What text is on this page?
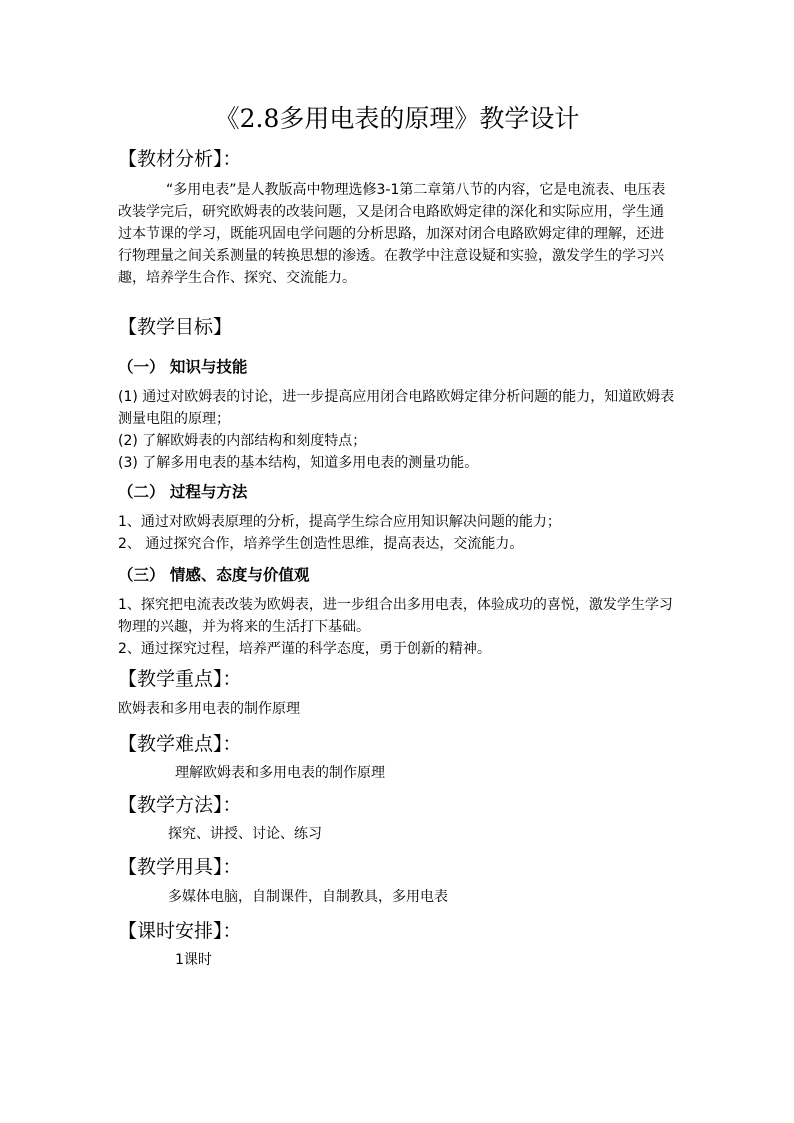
《2.8多用电表的原理》教学设计
【教材分析】：
“多用电表”是人教版高中物理选修3-1第二章第八节的内容，它是电流表、电压表改装学完后，研究欧姆表的改装问题，又是闭合电路欧姆定律的深化和实际应用，学生通过本节课的学习，既能巩固电学问题的分析思路，加深对闭合电路欧姆定律的理解，还进行物理量之间关系测量的转换思想的渗透。在教学中注意设疑和实验，激发学生的学习兴趣，培养学生合作、探究、交流能力。
【教学目标】
（一） 知识与技能
(1) 通过对欧姆表的讨论，进一步提高应用闭合电路欧姆定律分析问题的能力，知道欧姆表测量电阻的原理；
(2) 了解欧姆表的内部结构和刻度特点；
(3) 了解多用电表的基本结构，知道多用电表的测量功能。
（二） 过程与方法
1、通过对欧姆表原理的分析，提高学生综合应用知识解决问题的能力；
2、 通过探究合作，培养学生创造性思维，提高表达，交流能力。
（三） 情感、态度与价值观
1、探究把电流表改装为欧姆表，进一步组合出多用电表，体验成功的喜悦，激发学生学习物理的兴趣，并为将来的生活打下基础。
2、通过探究过程，培养严谨的科学态度，勇于创新的精神。
【教学重点】：
欧姆表和多用电表的制作原理
【教学难点】：
理解欧姆表和多用电表的制作原理
【教学方法】：
探究、讲授、讨论、练习
【教学用具】：
多媒体电脑，自制课件，自制教具，多用电表
【课时安排】：
1课时
